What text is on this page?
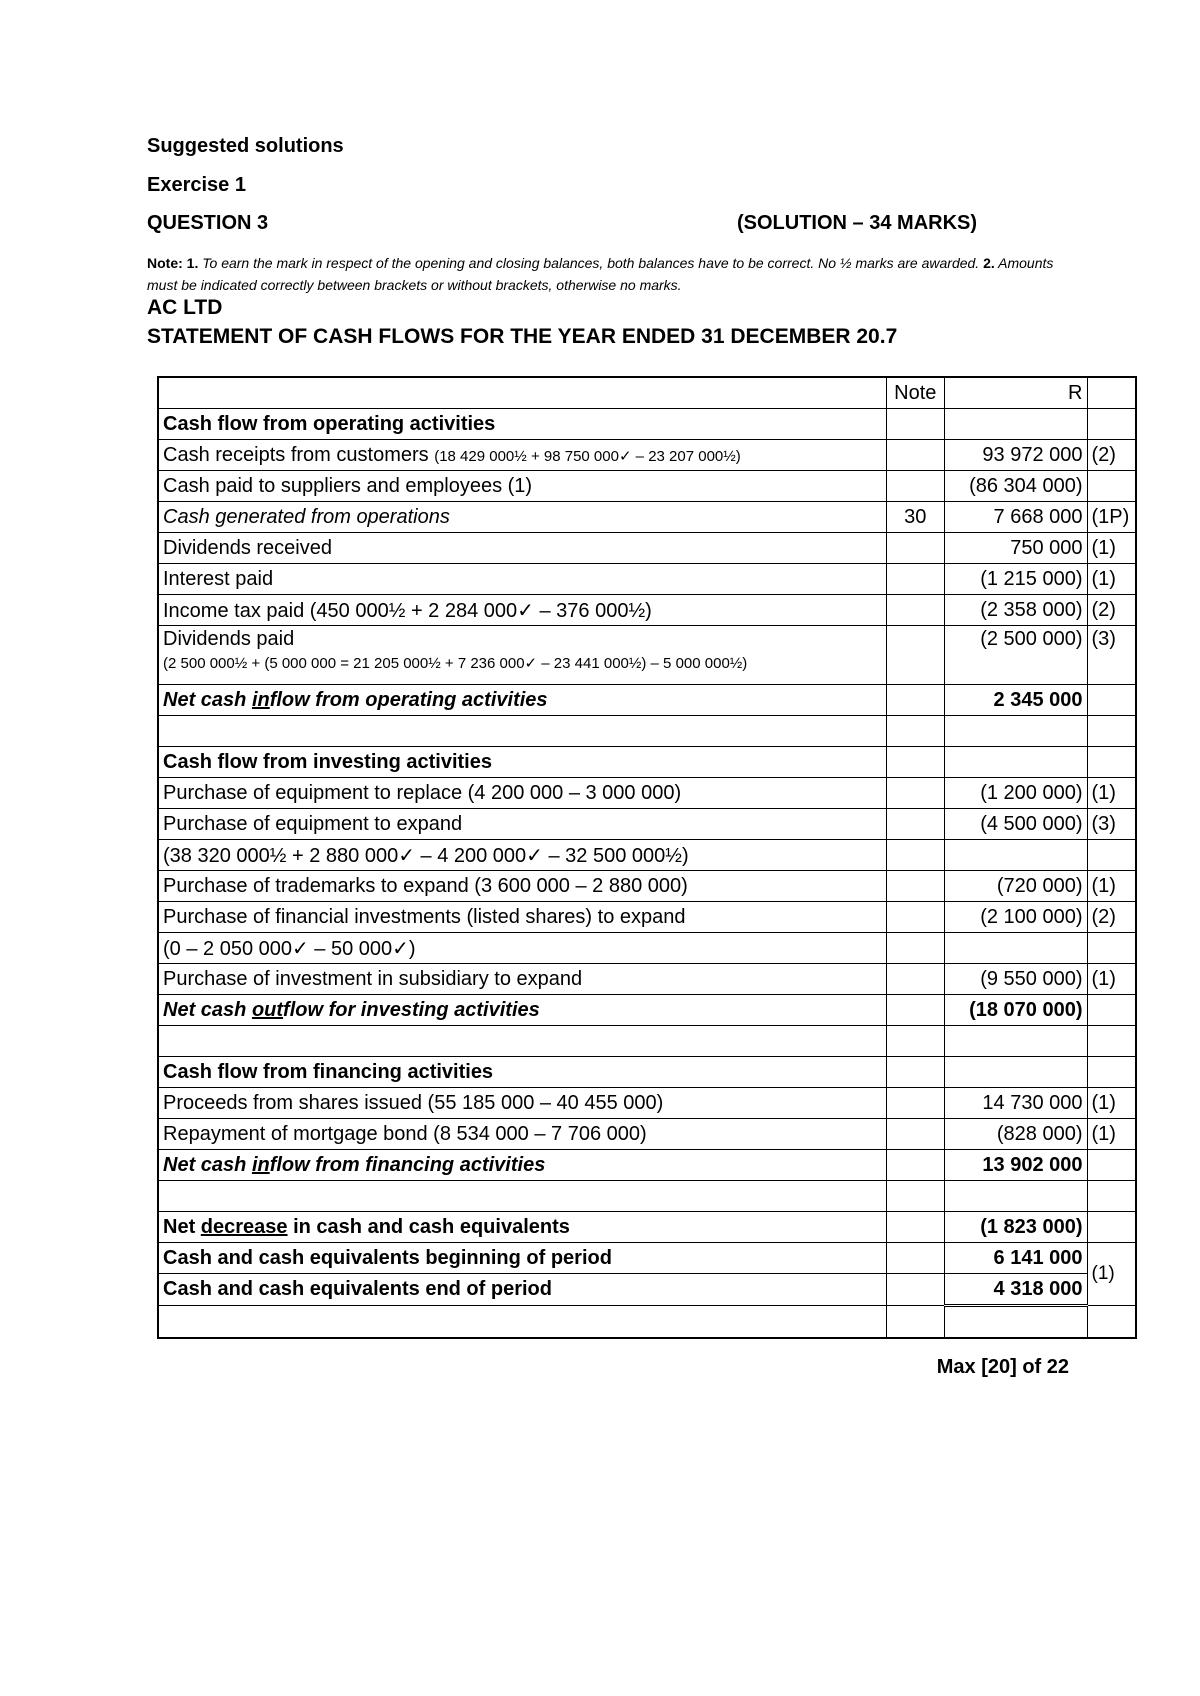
Suggested solutions
Exercise 1
QUESTION 3	(SOLUTION – 34 MARKS)
Note: 1. To earn the mark in respect of the opening and closing balances, both balances have to be correct. No ½ marks are awarded. 2. Amounts must be indicated correctly between brackets or without brackets, otherwise no marks.
AC LTD
STATEMENT OF CASH FLOWS FOR THE YEAR ENDED 31 DECEMBER 20.7
	Note	R	
Cash flow from operating activities			
Cash receipts from customers (18 429 000½ + 98 750 000✓ – 23 207 000½)		93 972 000	(2)
Cash paid to suppliers and employees (1)		(86 304 000)	
Cash generated from operations	30	7 668 000	(1P)
Dividends received		750 000	(1)
Interest paid		(1 215 000)	(1)
Income tax paid (450 000½ + 2 284 000✓ – 376 000½)		(2 358 000)	(2)
Dividends paid
(2 500 000½ + (5 000 000 = 21 205 000½ + 7 236 000✓ – 23 441 000½) – 5 000 000½)		(2 500 000)	(3)
Net cash inflow from operating activities		2 345 000	

Cash flow from investing activities			
Purchase of equipment to replace (4 200 000 – 3 000 000)		(1 200 000)	(1)
Purchase of equipment to expand		(4 500 000)	(3)
(38 320 000½ + 2 880 000✓ – 4 200 000✓ – 32 500 000½)			
Purchase of trademarks to expand (3 600 000 – 2 880 000)		(720 000)	(1)
Purchase of financial investments (listed shares) to expand		(2 100 000)	(2)
(0 – 2 050 000✓ – 50 000✓)			
Purchase of investment in subsidiary to expand		(9 550 000)	(1)
Net cash outflow for investing activities		(18 070 000)	

Cash flow from financing activities			
Proceeds from shares issued (55 185 000 – 40 455 000)		14 730 000	(1)
Repayment of mortgage bond (8 534 000 – 7 706 000)		(828 000)	(1)
Net cash inflow from financing activities		13 902 000	

Net decrease in cash and cash equivalents		(1 823 000)	
Cash and cash equivalents beginning of period		6 141 000	(1)
Cash and cash equivalents end of period		4 318 000	

Max [20] of 22
